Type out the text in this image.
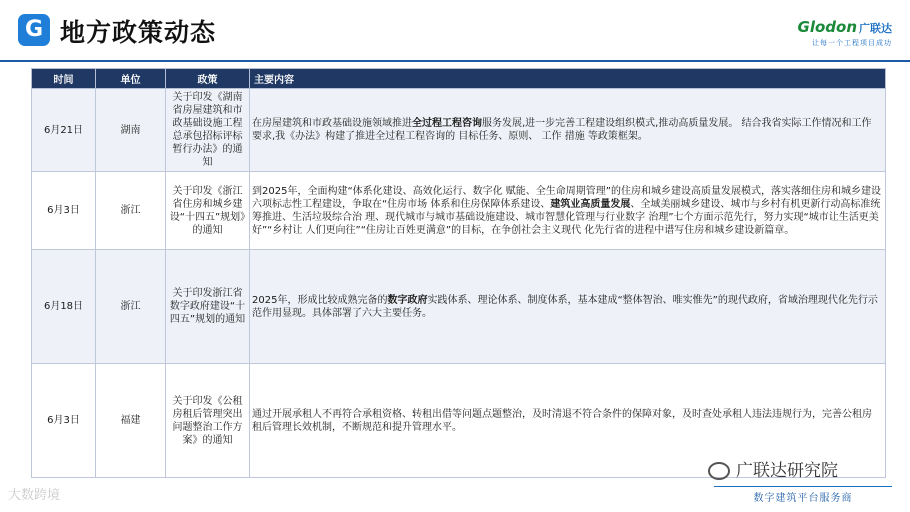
G 地方政策动态	Glodon 广联达
让每一个工程项目成功
时间	单位	政策	主要内容
6月21日	湖南	关于印发《湖南省房屋建筑和市政基础设施工程总承包招标评标暂行办法》的通知	在房屋建筑和市政基础设施领域推进全过程工程咨询服务发展,进一步完善工程建设组织模式,推动高质量发展。 结合我省实际工作情况和工作要求,我《办法》构建了推进全过程工程咨询的 目标任务、原则、 工作 措施 等政策框架。
6月3日	浙江	关于印发《浙江省住房和城乡建设“十四五”规划》的通知	到2025年，全面构建“体系化建设、高效化运行、数字化 赋能、全生命周期管理”的住房和城乡建设高质量发展模式，落实落细住房和城乡建设六项标志性工程建设，争取在“住房市场 体系和住房保障体系建设、建筑业高质量发展、全域美丽城乡建设、城市与乡村有机更新行动高标准统筹推进、生活垃圾综合治 理、现代城市与城市基础设施建设、城市智慧化管理与行业数字 治理”七个方面示范先行，努力实现“城市让生活更美好”“乡村让 人们更向往”“住房让百姓更满意”的目标，在争创社会主义现代 化先行省的进程中谱写住房和城乡建设新篇章。
6月18日	浙江	关于印发浙江省数字政府建设“十四五”规划的通知	2025年，形成比较成熟完备的数字政府实践体系、理论体系、制度体系，基本建成“整体智治、唯实惟先”的现代政府，省域治理现代化先行示范作用显现。具体部署了六大主要任务。
6月3日	福建	关于印发《公租房租后管理突出问题整治工作方案》的通知	通过开展承租人不再符合承租资格、转租出借等问题点题整治，及时清退不符合条件的保障对象，及时查处承租人违法违规行为，完善公租房租后管理长效机制，不断规范和提升管理水平。
大数跨境
广联达研究院
数字建筑平台服务商
